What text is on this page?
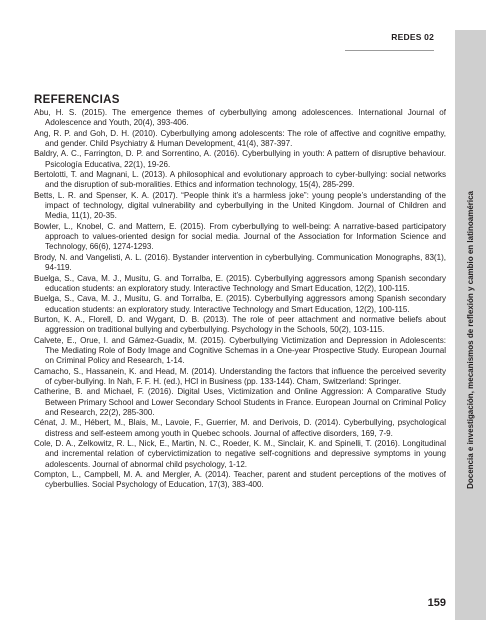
REDES 02
Docencia e investigación, mecanismos de reflexión y cambio en latinoamérica
REFERENCIAS
Abu, H. S. (2015). The emergence themes of cyberbullying among adolescences. International Journal of Adolescence and Youth, 20(4), 393-406.
Ang, R. P. and Goh, D. H. (2010). Cyberbullying among adolescents: The role of affective and cognitive empathy, and gender. Child Psychiatry & Human Development, 41(4), 387-397.
Baldry, A. C., Farrington, D. P. and Sorrentino, A. (2016). Cyberbullying in youth: A pattern of disruptive behaviour. Psicología Educativa, 22(1), 19-26.
Bertolotti, T. and Magnani, L. (2013). A philosophical and evolutionary approach to cyber-bullying: social networks and the disruption of sub-moralities. Ethics and information technology, 15(4), 285-299.
Betts, L. R. and Spenser, K. A. (2017). “People think it’s a harmless joke”: young people’s understanding of the impact of technology, digital vulnerability and cyberbullying in the United Kingdom. Journal of Children and Media, 11(1), 20-35.
Bowler, L., Knobel, C. and Mattern, E. (2015). From cyberbullying to well-being: A narrative-based participatory approach to values-oriented design for social media. Journal of the Association for Information Science and Technology, 66(6), 1274-1293.
Brody, N. and Vangelisti, A. L. (2016). Bystander intervention in cyberbullying. Communication Monographs, 83(1), 94-119.
Buelga, S., Cava, M. J., Musitu, G. and Torralba, E. (2015). Cyberbullying aggressors among Spanish secondary education students: an exploratory study. Interactive Technology and Smart Education, 12(2), 100-115.
Buelga, S., Cava, M. J., Musitu, G. and Torralba, E. (2015). Cyberbullying aggressors among Spanish secondary education students: an exploratory study. Interactive Technology and Smart Education, 12(2), 100-115.
Burton, K. A., Florell, D. and Wygant, D. B. (2013). The role of peer attachment and normative beliefs about aggression on traditional bullying and cyberbullying. Psychology in the Schools, 50(2), 103-115.
Calvete, E., Orue, I. and Gámez-Guadix, M. (2015). Cyberbullying Victimization and Depression in Adolescents: The Mediating Role of Body Image and Cognitive Schemas in a One-year Prospective Study. European Journal on Criminal Policy and Research, 1-14.
Camacho, S., Hassanein, K. and Head, M. (2014). Understanding the factors that influence the perceived severity of cyber-bullying. In Nah, F. F. H. (ed.), HCI in Business (pp. 133-144). Cham, Switzerland: Springer.
Catherine, B. and Michael, F. (2016). Digital Uses, Victimization and Online Aggression: A Comparative Study Between Primary School and Lower Secondary School Students in France. European Journal on Criminal Policy and Research, 22(2), 285-300.
Cénat, J. M., Hébert, M., Blais, M., Lavoie, F., Guerrier, M. and Derivois, D. (2014). Cyberbullying, psychological distress and self-esteem among youth in Quebec schools. Journal of affective disorders, 169, 7-9.
Cole, D. A., Zelkowitz, R. L., Nick, E., Martin, N. C., Roeder, K. M., Sinclair, K. and Spinelli, T. (2016). Longitudinal and incremental relation of cybervictimization to negative self-cognitions and depressive symptoms in young adolescents. Journal of abnormal child psychology, 1-12.
Compton, L., Campbell, M. A. and Mergler, A. (2014). Teacher, parent and student perceptions of the motives of cyberbullies. Social Psychology of Education, 17(3), 383-400.
159
